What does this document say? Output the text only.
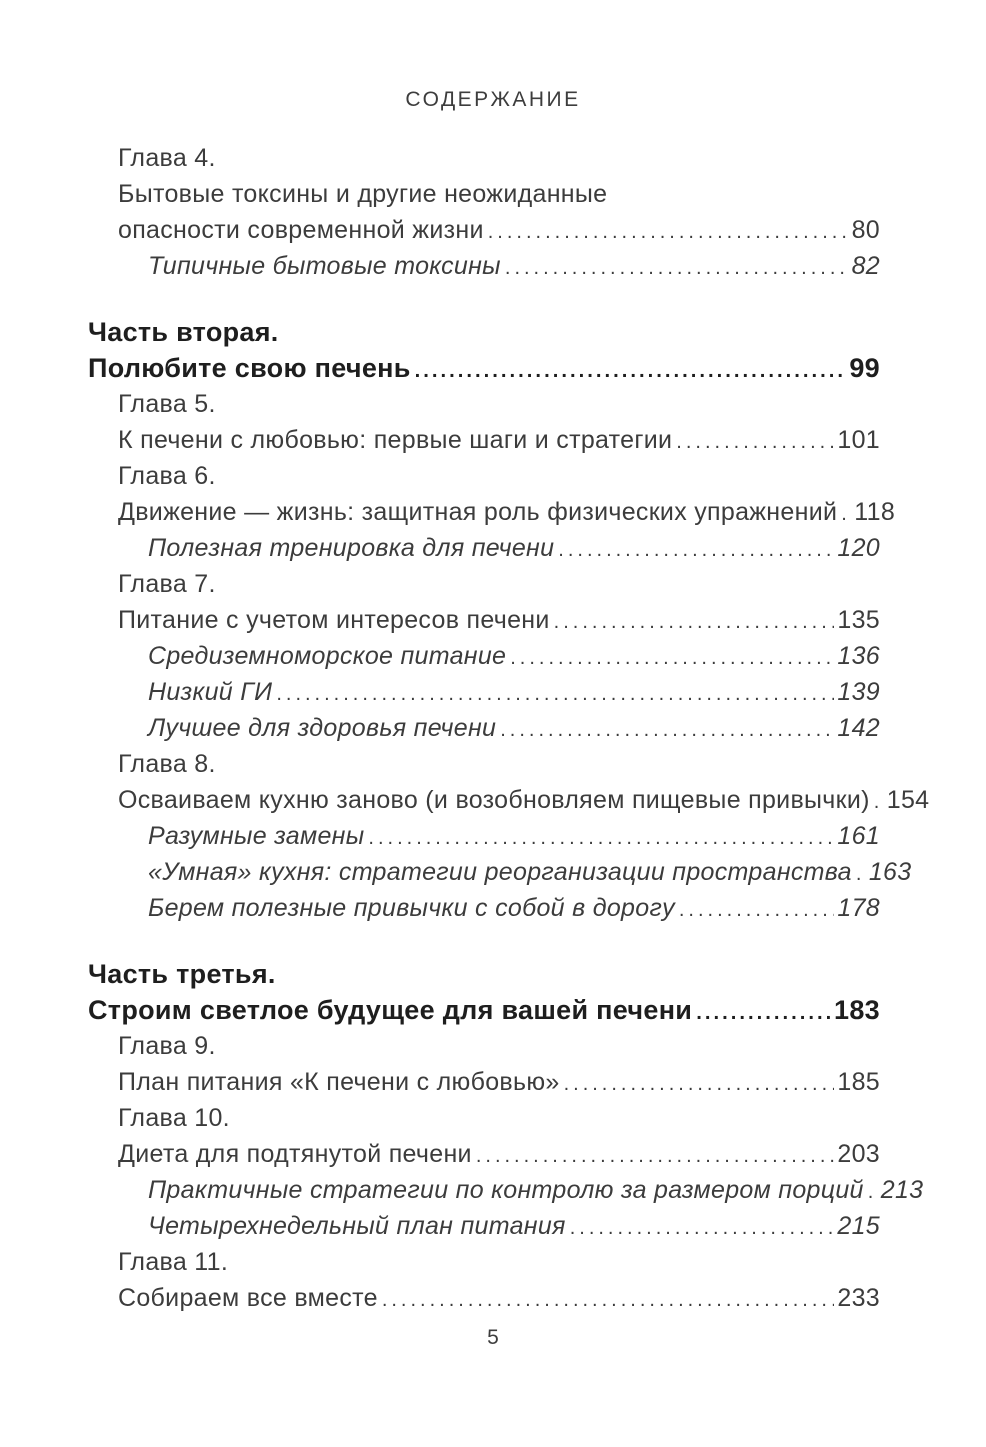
СОДЕРЖАНИЕ
Глава 4.
Бытовые токсины и другие неожиданные
опасности современной жизни .....	80
Типичные бытовые токсины .....	82
Часть вторая.
Полюбите свою печень .....	99
Глава 5.
К печени с любовью: первые шаги и стратегии .....	101
Глава 6.
Движение — жизнь: защитная роль физических упражнений ..... 118
Полезная тренировка для печени .....	120
Глава 7.
Питание с учетом интересов печени .....	135
Средиземноморское питание .....	136
Низкий ГИ .....	139
Лучшее для здоровья печени .....	142
Глава 8.
Осваиваем кухню заново (и возобновляем пищевые привычки) ..... 154
Разумные замены .....	161
«Умная» кухня: стратегии реорганизации пространства ..... 163
Берем полезные привычки с собой в дорогу .....	178
Часть третья.
Строим светлое будущее для вашей печени .....	183
Глава 9.
План питания «К печени с любовью» .....	185
Глава 10.
Диета для подтянутой печени .....	203
Практичные стратегии по контролю за размером порций ..... 213
Четырехнедельный план питания .....	215
Глава 11.
Собираем все вместе .....	233
5
